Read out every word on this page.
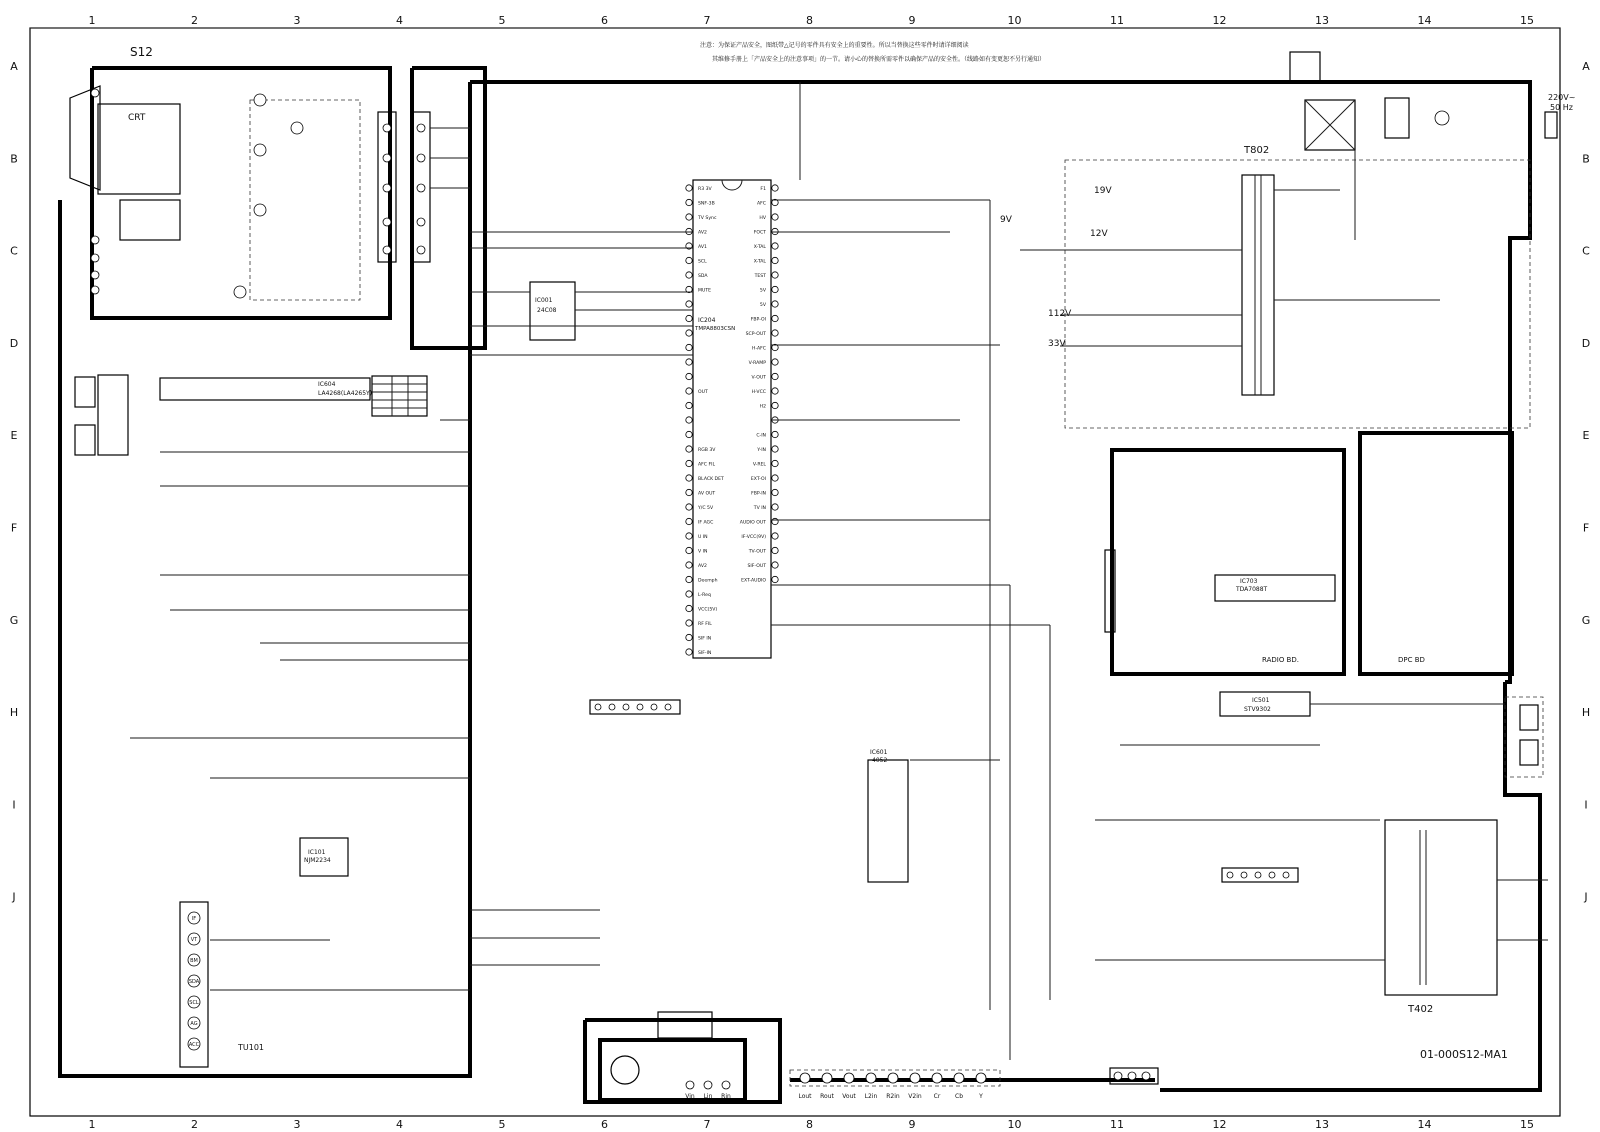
1	2	3	4	5	6	7	8	9	10	11	12	13	14	15
1	2	3	4	5	6	7	8	9	10	11	12	13	14	15
A
B
C
D
E
F
G
H
I
J
A
B
C
D
E
F
G
H
I
J
注意：为保证产品安全，图纸带△记号的零件具有安全上的重要性。所以当替换这些零件时请详细阅读
其维修手册上「产品安全上的注意事项」的一节。请小心的替换所需零件以确保产品的安全性。（线路如有变更恕不另行通知）
S12
CRT
IC204
TMPA8803CSN
R3 3V
SNF-3B
TV Sync
AV2
AV1
SCL
SDA
MUTE
OUT
RGB 3V
AFC FIL
BLACK DET
AV OUT
Y/C 5V
IF AGC
U IN
V IN
AV2
Deemph
L-Req
VCC(5V)
RF FIL
SIF IN
SIF-IN
F1
AFC
HV
FOCT
X-TAL
X-TAL
TEST
5V
5V
FBP-OI
SCP-OUT
H-AFC
V-RAMP
V-OUT
H-VCC
H2
C-IN
Y-IN
V-REL
EXT-OI
FBP-IN
TV IN
AUDIO OUT
IF-VCC(9V)
TV-OUT
SIF-OUT
EXT-AUDIO
IC001
24C08
IC604
LA4268(LA4265Y)
IC601
4052
IC101
NJM2234
IC501
STV9302
IC703
TDA7088T
RADIO BD.	DPC BD
T802
19V
9V
12V
112V
33V
220V~
50 Hz
T402
IF
VT
BM
SDA
SCL
AG
ACC	TU101
Vin Lin Rin	Lout Rout Vout L2in R2in V2in Cr Cb	Y
01-000S12-MA1
